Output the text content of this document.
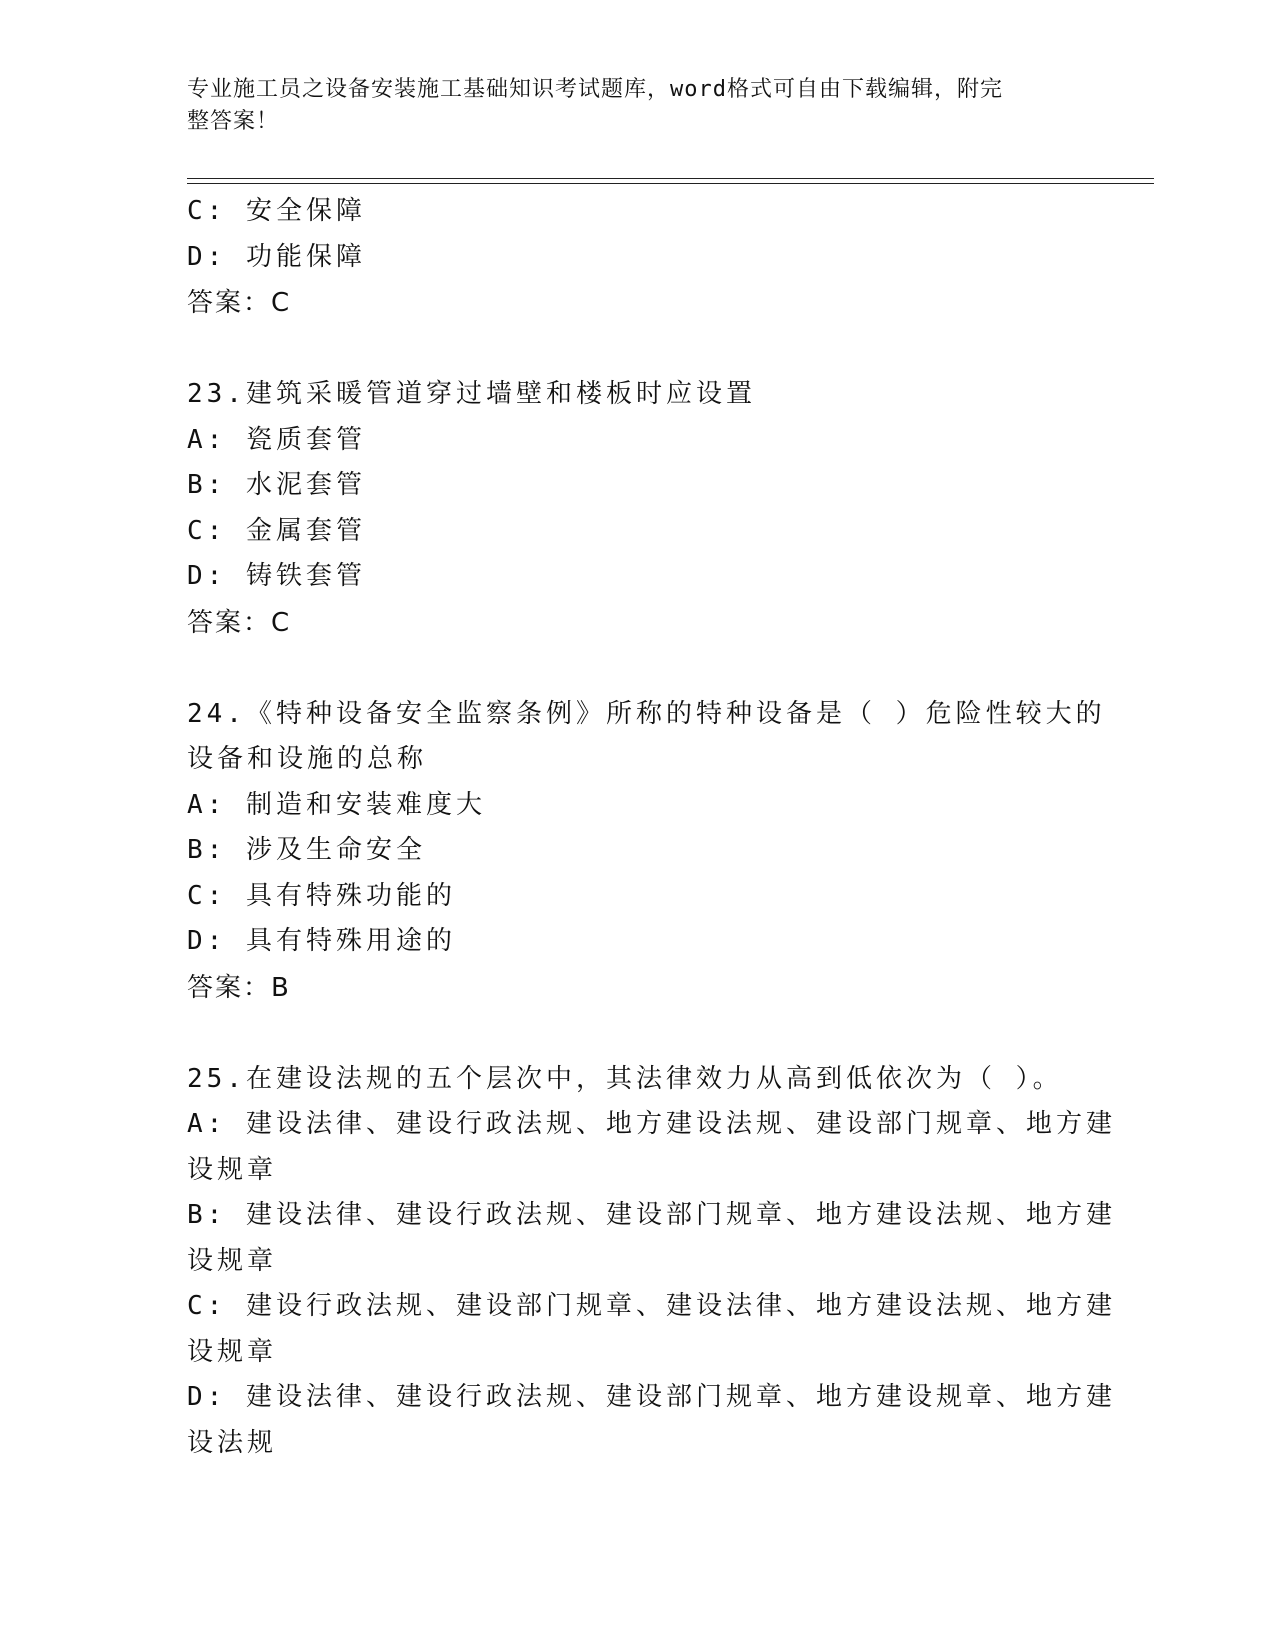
专业施工员之设备安装施工基础知识考试题库，word格式可自由下载编辑，附完
整答案！
C: 安全保障
D: 功能保障
答案：C
23.建筑采暖管道穿过墙壁和楼板时应设置
A: 瓷质套管
B: 水泥套管
C: 金属套管
D: 铸铁套管
答案：C
24.《特种设备安全监察条例》所称的特种设备是（ ）危险性较大的
设备和设施的总称
A: 制造和安装难度大
B: 涉及生命安全
C: 具有特殊功能的
D: 具有特殊用途的
答案：B
25.在建设法规的五个层次中，其法律效力从高到低依次为（ ）。
A: 建设法律、建设行政法规、地方建设法规、建设部门规章、地方建
设规章
B: 建设法律、建设行政法规、建设部门规章、地方建设法规、地方建
设规章
C: 建设行政法规、建设部门规章、建设法律、地方建设法规、地方建
设规章
D: 建设法律、建设行政法规、建设部门规章、地方建设规章、地方建
设法规
